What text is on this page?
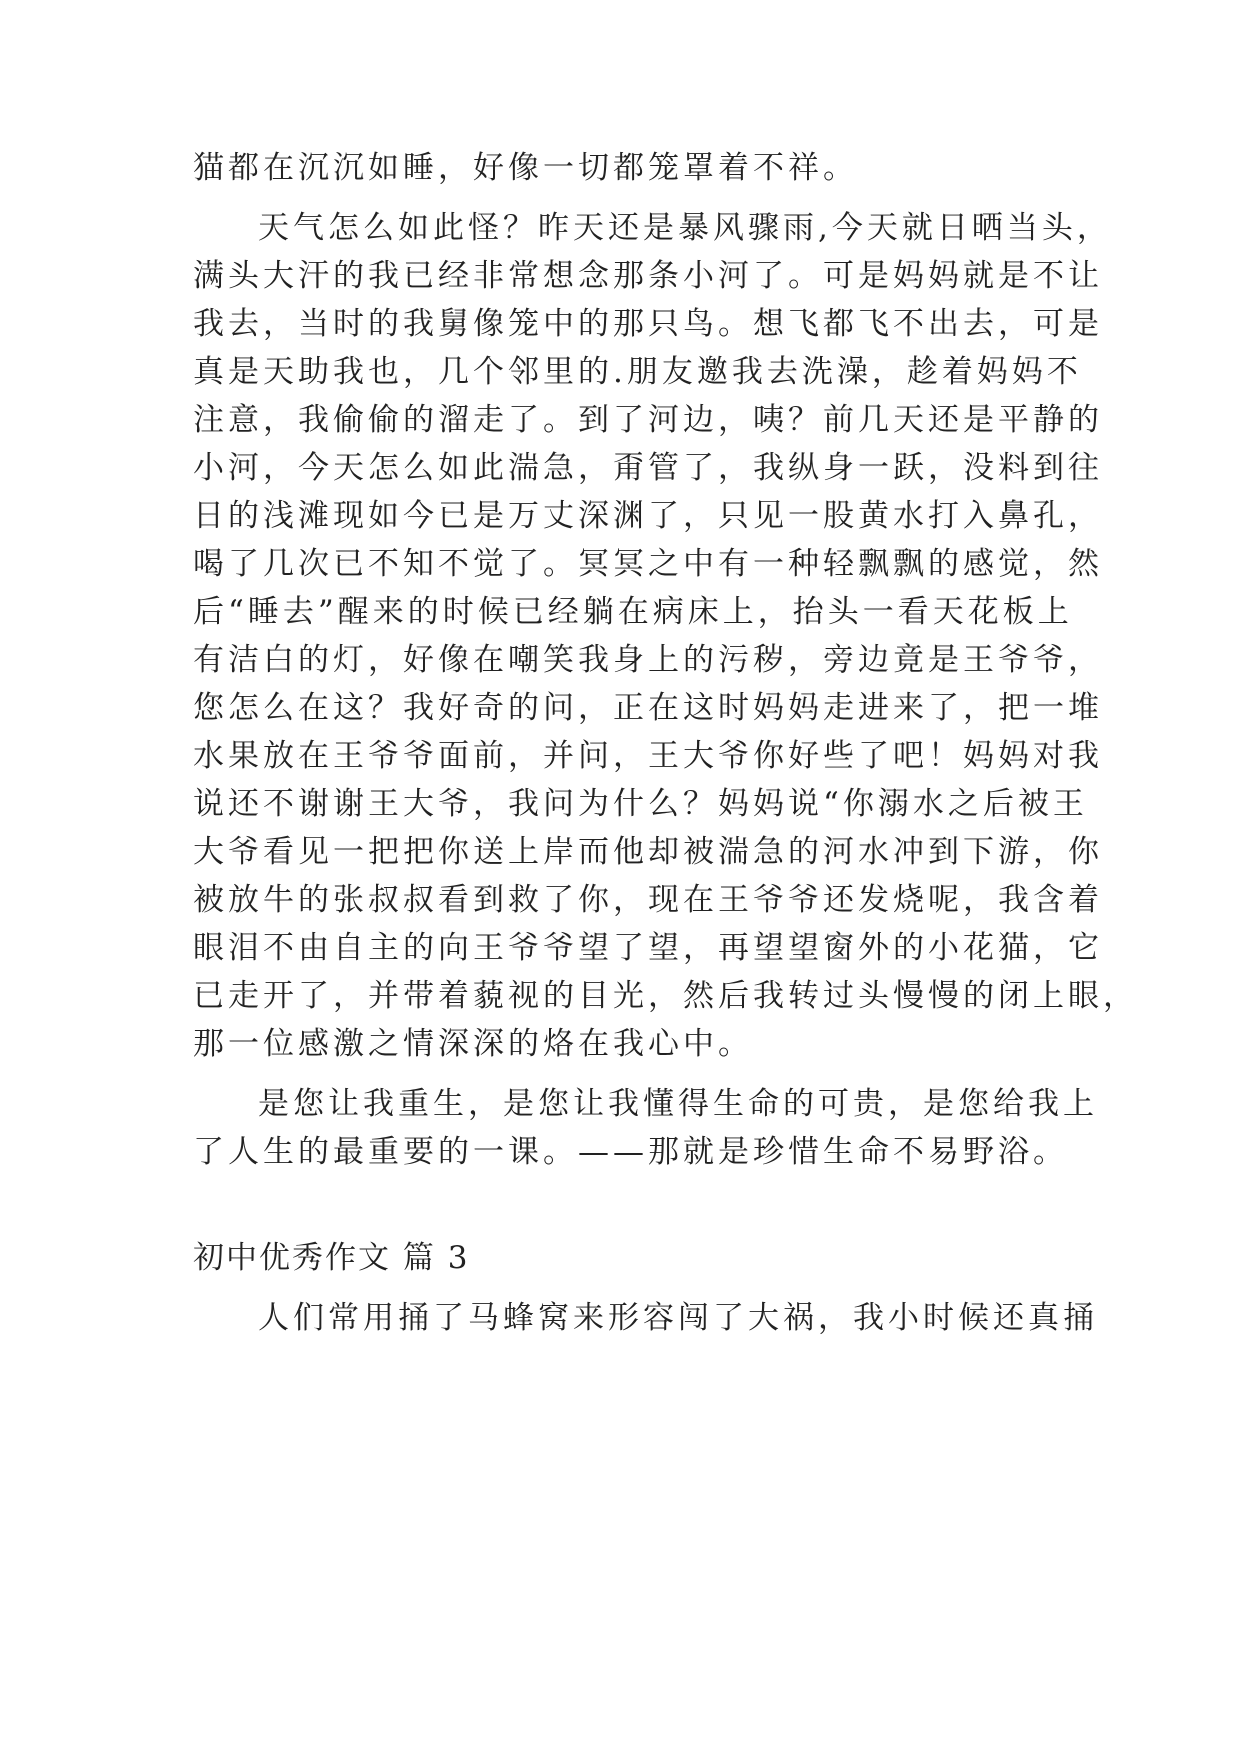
猫都在沉沉如睡，好像一切都笼罩着不祥。
天气怎么如此怪？昨天还是暴风骤雨,今天就日晒当头，
满头大汗的我已经非常想念那条小河了。可是妈妈就是不让
我去，当时的我舅像笼中的那只鸟。想飞都飞不出去，可是
真是天助我也，几个邻里的.朋友邀我去洗澡，趁着妈妈不
注意，我偷偷的溜走了。到了河边，咦？前几天还是平静的
小河，今天怎么如此湍急，甭管了，我纵身一跃，没料到往
日的浅滩现如今已是万丈深渊了，只见一股黄水打入鼻孔，
喝了几次已不知不觉了。冥冥之中有一种轻飘飘的感觉，然
后“睡去”醒来的时候已经躺在病床上，抬头一看天花板上
有洁白的灯，好像在嘲笑我身上的污秽，旁边竟是王爷爷，
您怎么在这？我好奇的问，正在这时妈妈走进来了，把一堆
水果放在王爷爷面前，并问，王大爷你好些了吧！妈妈对我
说还不谢谢王大爷，我问为什么？妈妈说“你溺水之后被王
大爷看见一把把你送上岸而他却被湍急的河水冲到下游，你
被放牛的张叔叔看到救了你，现在王爷爷还发烧呢，我含着
眼泪不由自主的向王爷爷望了望，再望望窗外的小花猫，它
已走开了，并带着藐视的目光，然后我转过头慢慢的闭上眼，
那一位感激之情深深的烙在我心中。
是您让我重生，是您让我懂得生命的可贵，是您给我上
了人生的最重要的一课。——那就是珍惜生命不易野浴。
初中优秀作文 篇 3
人们常用捅了马蜂窝来形容闯了大祸，我小时候还真捅
